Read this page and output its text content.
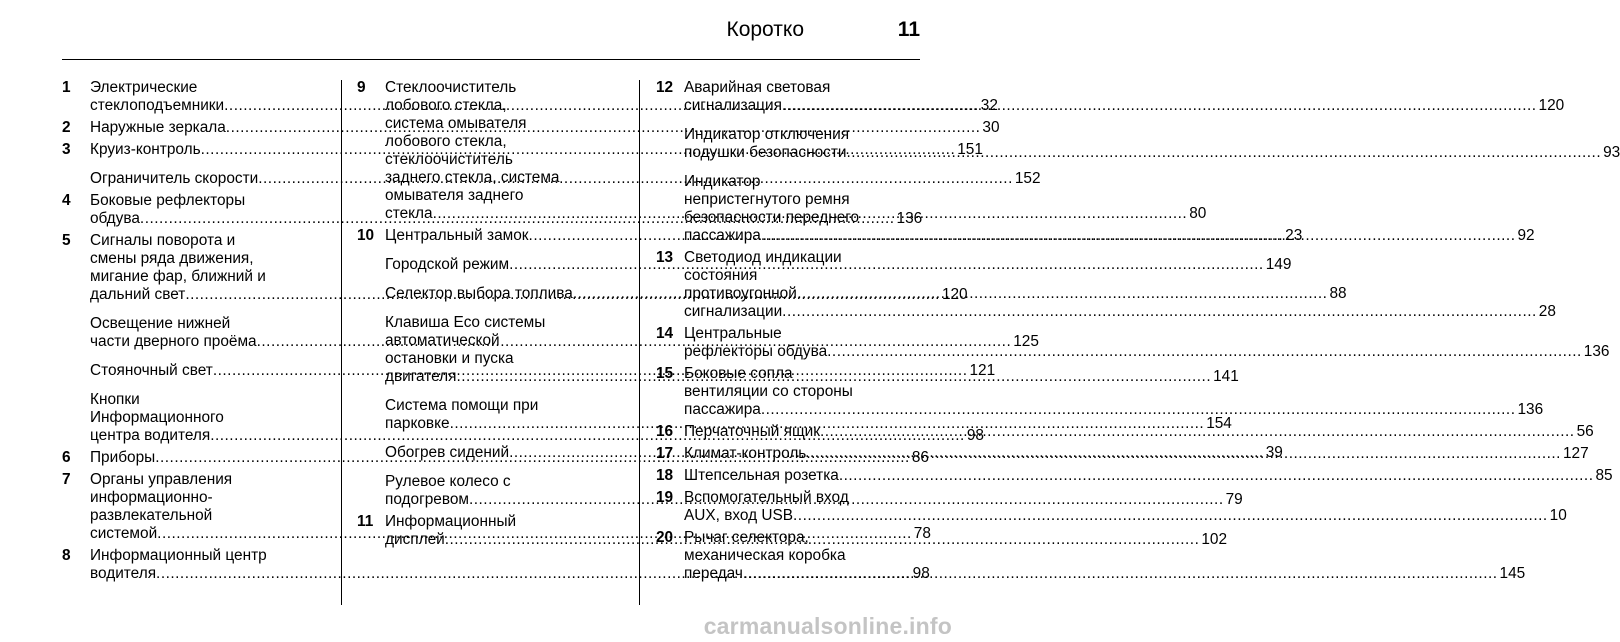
Коротко	11
1	Электрические
стеклоподъемники .....	32
2	Наружные зеркала .....	30
3	Круиз-контроль .....	151
Ограничитель скорости .....	152
4	Боковые рефлекторы
обдува .....	136
5	Сигналы поворота и
смены ряда движения,
мигание фар, ближний и
дальний свет .....	120
Освещение нижней
части дверного проёма .....	125
Стояночный свет .....	121
Кнопки
Информационного
центра водителя .....	98
6	Приборы .....	86
7	Органы управления
информационно-
развлекательной
системой .....	78
8	Информационный центр
водителя .....	98
9	Стеклоочиститель
лобового стекла,
система омывателя
лобового стекла,
стеклоочиститель
заднего стекла, система
омывателя заднего
стекла .....	80
10 Центральный замок .....	23
Городской режим .....	149
Селектор выбора топлива .....	88
Клавиша Eco системы
автоматической
остановки и пуска
двигателя .....	141
Система помощи при
парковке .....	154
Обогрев сидений .....	39
Рулевое колесо с
подогревом .....	79
11 Информационный
дисплей .....	102
12 Аварийная световая
сигнализация .....	120
Индикатор отключения
подушки безопасности .....	93
Индикатор
непристегнутого ремня
безопасности переднего
пассажира .....	92
13 Светодиод индикации
состояния
противоугонной
сигнализации .....	28
14 Центральные
рефлекторы обдува .....	136
15 Боковые сопла
вентиляции со стороны
пассажира .....	136
16 Перчаточный ящик .....	56
17 Климат-контроль .....	127
18 Штепсельная розетка .....	85
19 Вспомогательный вход
AUX, вход USB .....	10
20 Рычаг селектора,
механическая коробка
передач .....	145
carmanualsonline.info
